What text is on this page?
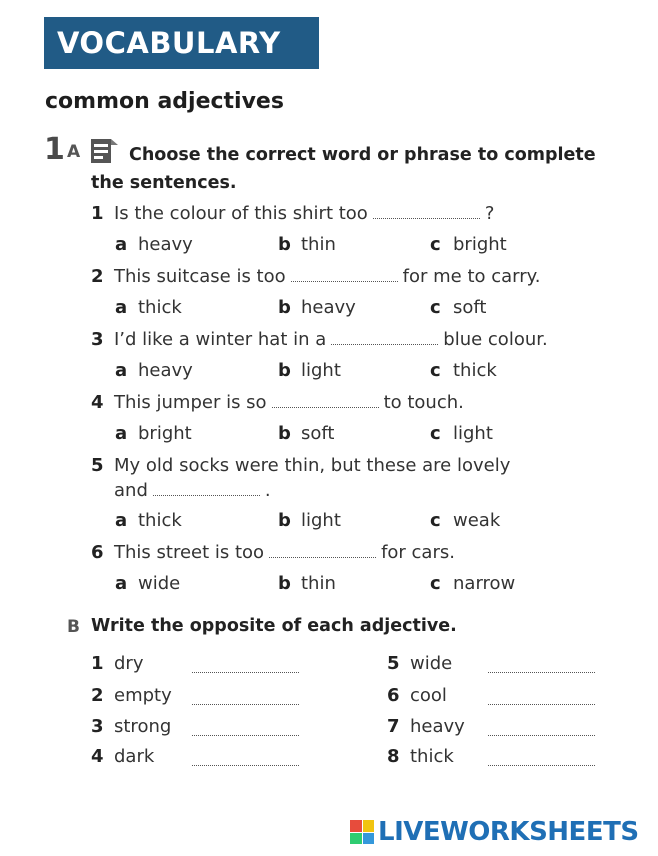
VOCABULARY
common adjectives
1 A	Choose the correct word or phrase to complete the sentences.
1 Is the colour of this shirt too	?
a heavy	b thin	c bright
2 This suitcase is too	for me to carry.
a thick	b heavy	c soft
3 I’d like a winter hat in a	blue colour.
a heavy	b light	c thick
4 This jumper is so	to touch.
a bright	b soft	c light
5 My old socks were thin, but these are lovely
and	.
a thick	b light	c weak
6 This street is too	for cars.
a wide	b thin	c narrow
B Write the opposite of each adjective.
1 dry
2 empty
3 strong
4 dark
5 wide
6 cool
7 heavy
8 thick
LIVEWORKSHEETS
